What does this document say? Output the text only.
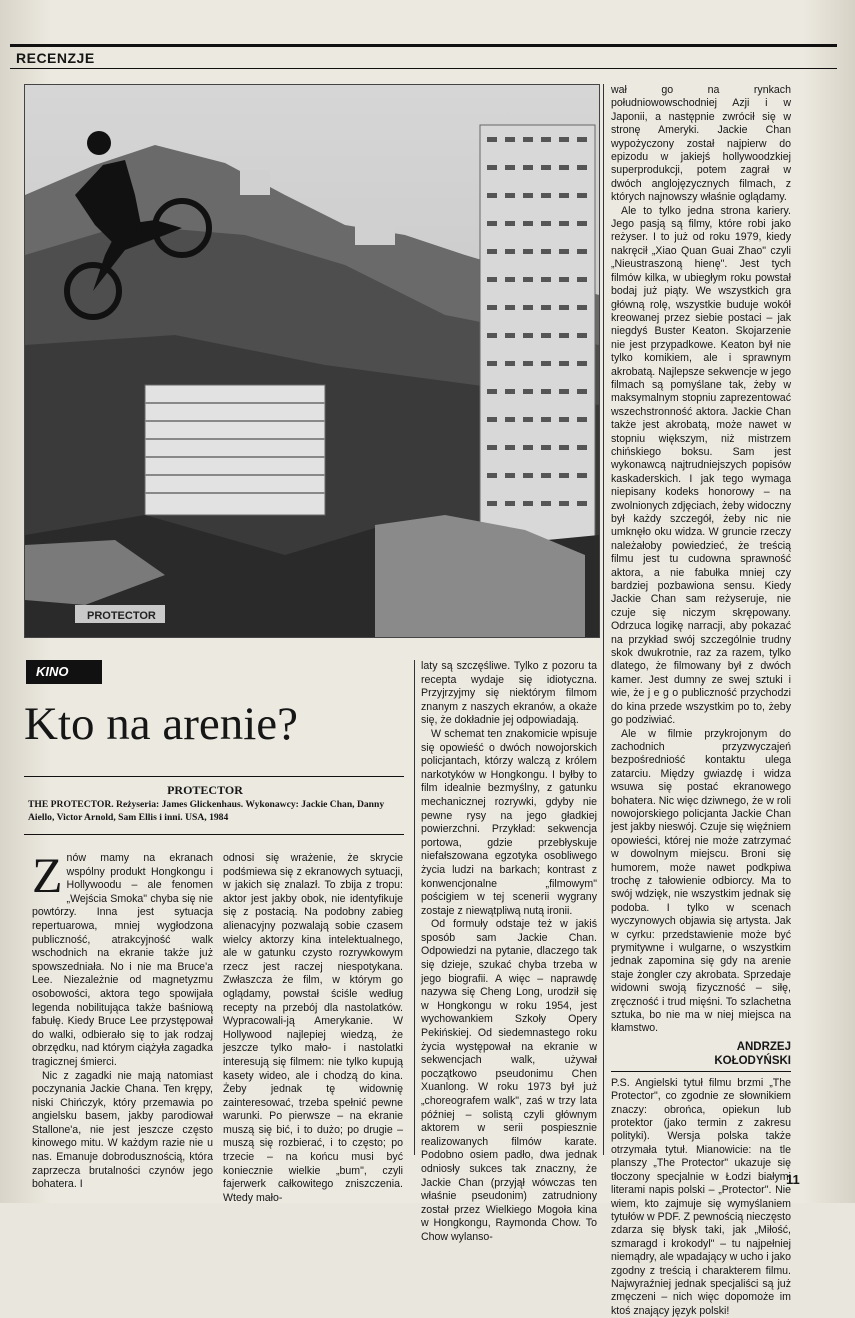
RECENZJE
PROTECTOR
KINO
Kto na arenie?
PROTECTOR
THE PROTECTOR. Reżyseria: James Glickenhaus. Wykonawcy: Jackie Chan, Danny Aiello, Victor Arnold, Sam Ellis i inni. USA, 1984
Z nów mamy na ekranach wspólny produkt Hongkongu i Hollywoodu – ale fenomen „Wejścia Smoka" chyba się nie powtórzy. Inna jest sytuacja repertuarowa, mniej wygłodzona publiczność, atrakcyjność walk wschodnich na ekranie także już spowszedniała. No i nie ma Bruce'a Lee. Niezależnie od magnetyzmu osobowości, aktora tego spowijała legenda nobilitująca także baśniową fabułę. Kiedy Bruce Lee przystępował do walki, odbierało się to jak rodzaj obrzędku, nad którym ciążyła zagadka tragicznej śmierci.

Nic z zagadki nie mają natomiast poczynania Jackie Chana. Ten krępy, niski Chińczyk, który przemawia po angielsku basem, jakby parodiował Stallone'a, nie jest jeszcze często kinowego mitu. W każdym razie nie u nas. Emanuje dobrodusznością, która zaprzecza brutalności czynów jego bohatera. I

odnosi się wrażenie, że skrycie podśmiewa się z ekranowych sytuacji, w jakich się znalazł. To zbija z tropu: aktor jest jakby obok, nie identyfikuje się z postacią. Na podobny zabieg alienacyjny pozwalają sobie czasem wielcy aktorzy kina intelektualnego, ale w gatunku czysto rozrywkowym rzecz jest raczej niespotykana. Zwłaszcza że film, w którym go oglądamy, powstał ściśle według recepty na przebój dla nastolatków. Wypracowali-ją Amerykanie. W Hollywood najlepiej wiedzą, że jeszcze tylko mało- i nastolatki interesują się filmem: nie tylko kupują kasety wideo, ale i chodzą do kina. Żeby jednak tę widownię zainteresować, trzeba spełnić pewne warunki. Po pierwsze – na ekranie muszą się bić, i to dużo; po drugie – muszą się rozbierać, i to często; po trzecie – na końcu musi być koniecznie wielkie „bum", czyli fajerwerk całkowitego zniszczenia. Wtedy mało-

laty są szczęśliwe. Tylko z pozoru ta recepta wydaje się idiotyczna. Przyjrzyjmy się niektórym filmom znanym z naszych ekranów, a okaże się, że dokładnie jej odpowiadają.

W schemat ten znakomicie wpisuje się opowieść o dwóch nowojorskich policjantach, którzy walczą z królem narkotyków w Hongkongu. I byłby to film idealnie bezmyślny, z gatunku mechanicznej rozrywki, gdyby nie pewne rysy na jego gładkiej powierzchni. Przykład: sekwencja portowa, gdzie przebłyskuje niefałszowana egzotyka osobliwego życia ludzi na barkach; kontrast z konwencjonalne „filmowym" pościgiem w tej scenerii wygrany zostaje z niewątpliwą nutą ironii.

Od formuły odstaje też w jakiś sposób sam Jackie Chan. Odpowiedzi na pytanie, dlaczego tak się dzieje, szukać chyba trzeba w jego biografii. A więc – naprawdę nazywa się Cheng Long, urodził się w Hongkongu w roku 1954, jest wychowankiem Szkoły Opery Pekińskiej. Od siedemnastego roku życia występował na ekranie w sekwencjach walk, używał początkowo pseudonimu Chen Xuanlong. W roku 1973 był już „choreografem walk", zaś w trzy lata później – solistą czyli głównym aktorem w serii pospiesznie realizowanych filmów karate. Podobno osiem padło, dwa jednak odniosły sukces tak znaczny, że Jackie Chan (przyjął wówczas ten właśnie pseudonim) zatrudniony został przez Wielkiego Mogoła kina w Hongkongu, Raymonda Chow. To Chow wylanso-

wał go na rynkach południowowschodniej Azji i w Japonii, a następnie zwrócił się w stronę Ameryki. Jackie Chan wypożyczony został najpierw do epizodu w jakiejś hollywoodzkiej superprodukcji, potem zagrał w dwóch anglojęzycznych filmach, z których najnowszy właśnie oglądamy.

Ale to tylko jedna strona kariery. Jego pasją są filmy, które robi jako reżyser. I to już od roku 1979, kiedy nakręcił „Xiao Quan Guai Zhao" czyli „Nieustraszoną hienę". Jest tych filmów kilka, w ubiegłym roku powstał bodaj już piąty. We wszystkich gra główną rolę, wszystkie buduje wokół kreowanej przez siebie postaci – jak niegdyś Buster Keaton. Skojarzenie nie jest przypadkowe. Keaton był nie tylko komikiem, ale i sprawnym akrobatą. Najlepsze sekwencje w jego filmach są pomyślane tak, żeby w maksymalnym stopniu zaprezentować wszechstronność aktora. Jackie Chan także jest akrobatą, może nawet w stopniu większym, niż mistrzem chińskiego boksu. Sam jest wykonawcą najtrudniejszych popisów kaskaderskich. I jak tego wymaga niepisany kodeks honorowy – na zwolnionych zdjęciach, żeby widoczny był każdy szczegół, żeby nic nie umknęło oku widza. W gruncie rzeczy należałoby powiedzieć, że treścią filmu jest tu cudowna sprawność aktora, a nie fabułka mniej czy bardziej pozbawiona sensu. Kiedy Jackie Chan sam reżyseruje, nie czuje się niczym skrępowany. Odrzuca logikę narracji, aby pokazać na przykład swój szczególnie trudny skok dwukrotnie, raz za razem, tylko dlatego, że filmowany był z dwóch kamer. Jest dumny ze swej sztuki i wie, że j e g o publiczność przychodzi do kina przede wszystkim po to, żeby go podziwiać.

Ale w filmie przykrojonym do zachodnich przyzwyczajeń bezpośredniość kontaktu ulega zatarciu. Między gwiazdę i widza wsuwa się postać ekranowego bohatera. Nic więc dziwnego, że w roli nowojorskiego policjanta Jackie Chan jest jakby nieswój. Czuje się więźniem opowieści, której nie może zatrzymać w dowolnym miejscu. Broni się humorem, może nawet podkpiwa trochę z tałowienie odbiorcy. Ma to swój wdzięk, nie wszystkim jednak się podoba. I tylko w scenach wyczynowych objawia się artysta. Jak w cyrku: przedstawienie może być prymitywne i wulgarne, o wszystkim jednak zapomina się gdy na arenie staje żongler czy akrobata. Sprzedaje widowni swoją fizyczność – siłę, zręczność i trud mięśni. To szlachetna sztuka, bo nie ma w niej miejsca na kłamstwo.

ANDRZEJ
KOŁODYŃSKI

P.S. Angielski tytuł filmu brzmi „The Protector", co zgodnie ze słownikiem znaczy: obrońca, opiekun lub protektor (jako termin z zakresu polityki). Wersja polska także otrzymała tytuł. Mianowicie: na tle planszy „The Protector" ukazuje się tłoczony specjalnie w Łodzi białymi literami napis polski – „Protector". Nie wiem, kto zajmuje się wymyślaniem tytułów w PDF. Z pewnością nieczęsto zdarza się błysk taki, jak „Miłość, szmaragd i krokodyl" – tu najpełniej niemądry, ale wpadający w ucho i jako zgodny z treścią i charakterem filmu. Najwyraźniej jednak specjaliści są już zmęczeni – nich więc dopomoże im ktoś znający język polski!

11
